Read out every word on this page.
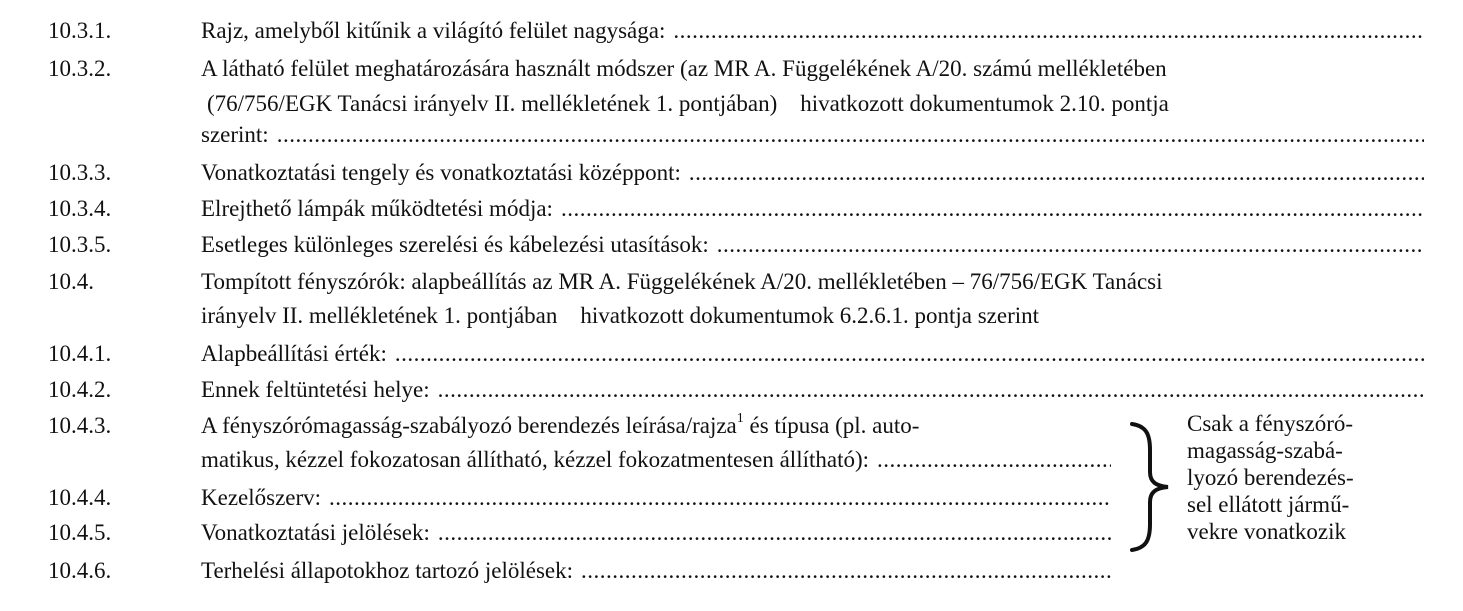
10.3.1.	Rajz, amelyből kitűnik a világító felület nagysága:
.....
10.3.2.	A látható felület meghatározására használt módszer (az MR A. Függelékének A/20. számú mellékletében
(76/756/EGK Tanácsi irányelv II. mellékletének 1. pontjában)    hivatkozott dokumentumok 2.10. pontja
szerint:
.....
10.3.3.	Vonatkoztatási tengely és vonatkoztatási középpont:
.....
10.3.4.	Elrejthető lámpák működtetési módja:
.....
10.3.5.	Esetleges különleges szerelési és kábelezési utasítások:
.....
10.4.	Tompított fényszórók: alapbeállítás az MR A. Függelékének A/20. mellékletében – 76/756/EGK Tanácsi
irányelv II. mellékletének 1. pontjában    hivatkozott dokumentumok 6.2.6.1. pontja szerint
10.4.1.	Alapbeállítási érték:
.....
10.4.2.	Ennek feltüntetési helye:
.....
10.4.3.	A fényszórómagasság-szabályozó berendezés leírása/rajza$^1$ és típusa (pl. auto-
matikus, kézzel fokozatosan állítható, kézzel fokozatmentesen állítható):
.....
10.4.4.	Kezelőszerv:
.....
10.4.5.	Vonatkoztatási jelölések:
.....
10.4.6.	Terhelési állapotokhoz tartozó jelölések:
.....
Csak a fényszóró-
magasság-szabá-
lyozó berendezés-
sel ellátott jármű-
vekre vonatkozik
